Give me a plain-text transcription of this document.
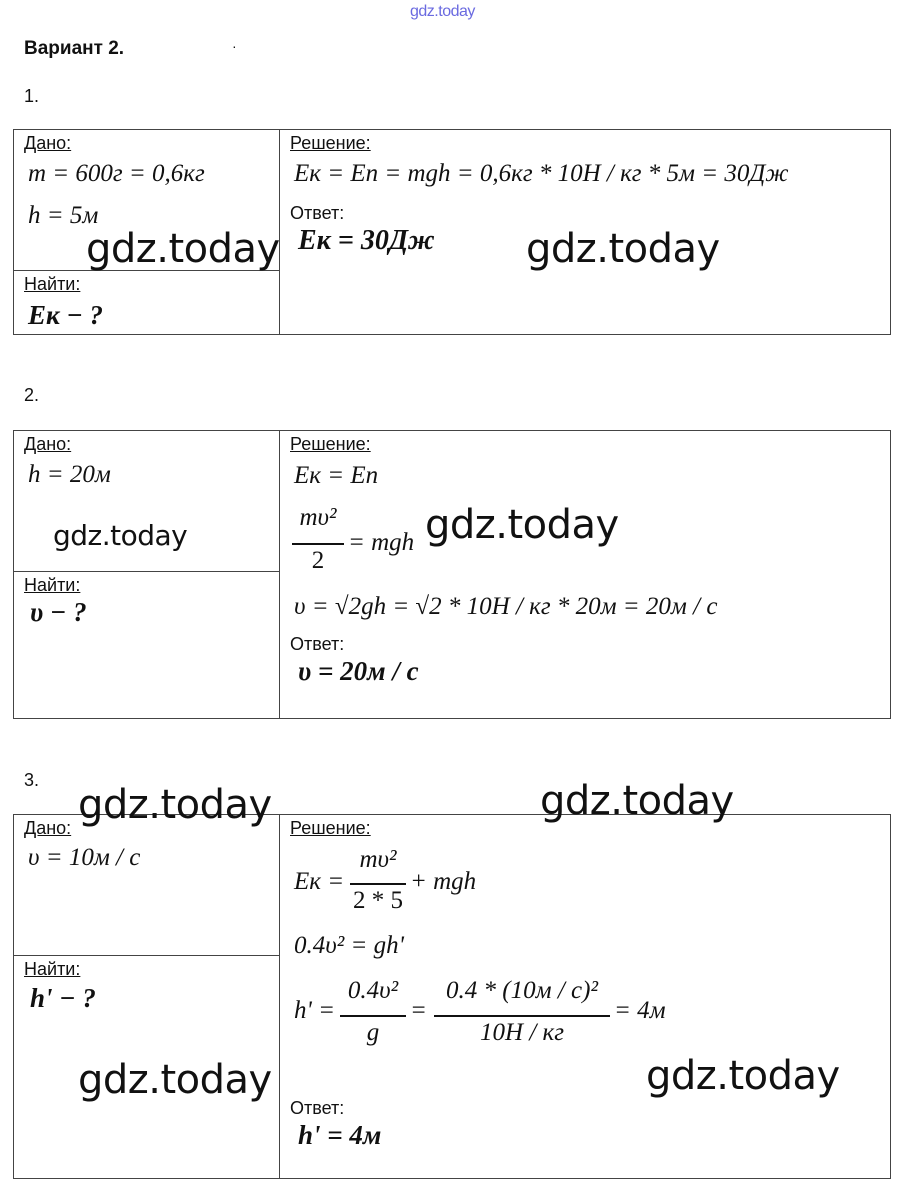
gdz.today
Вариант 2.	·
1.
Дано:
m = 600г = 0,6кг
h = 5м
Найти:
Eк − ?
Решение:
Eк = Eп = mgh = 0,6кг * 10Н / кг * 5м = 30Дж
Ответ:
Eк = 30Дж
gdz.today	gdz.today
2.
Дано:
h = 20м
gdz.today
Найти:
υ − ?
Решение:
Eк = Eп
mυ²
2
= mgh
υ = √2gh = √2 * 10Н / кг * 20м = 20м / с
Ответ:
υ = 20м / с
gdz.today
3.
Дано:
υ = 10м / с
Найти:
h' − ?
Решение:
Eк =
mυ²
2 * 5
+ mgh
0.4υ² = gh'
h' =
0.4υ²
g
=
0.4 * (10м / с)²
10Н / кг
= 4м
Ответ:
h' = 4м
gdz.today	gdz.today
gdz.today	gdz.today
